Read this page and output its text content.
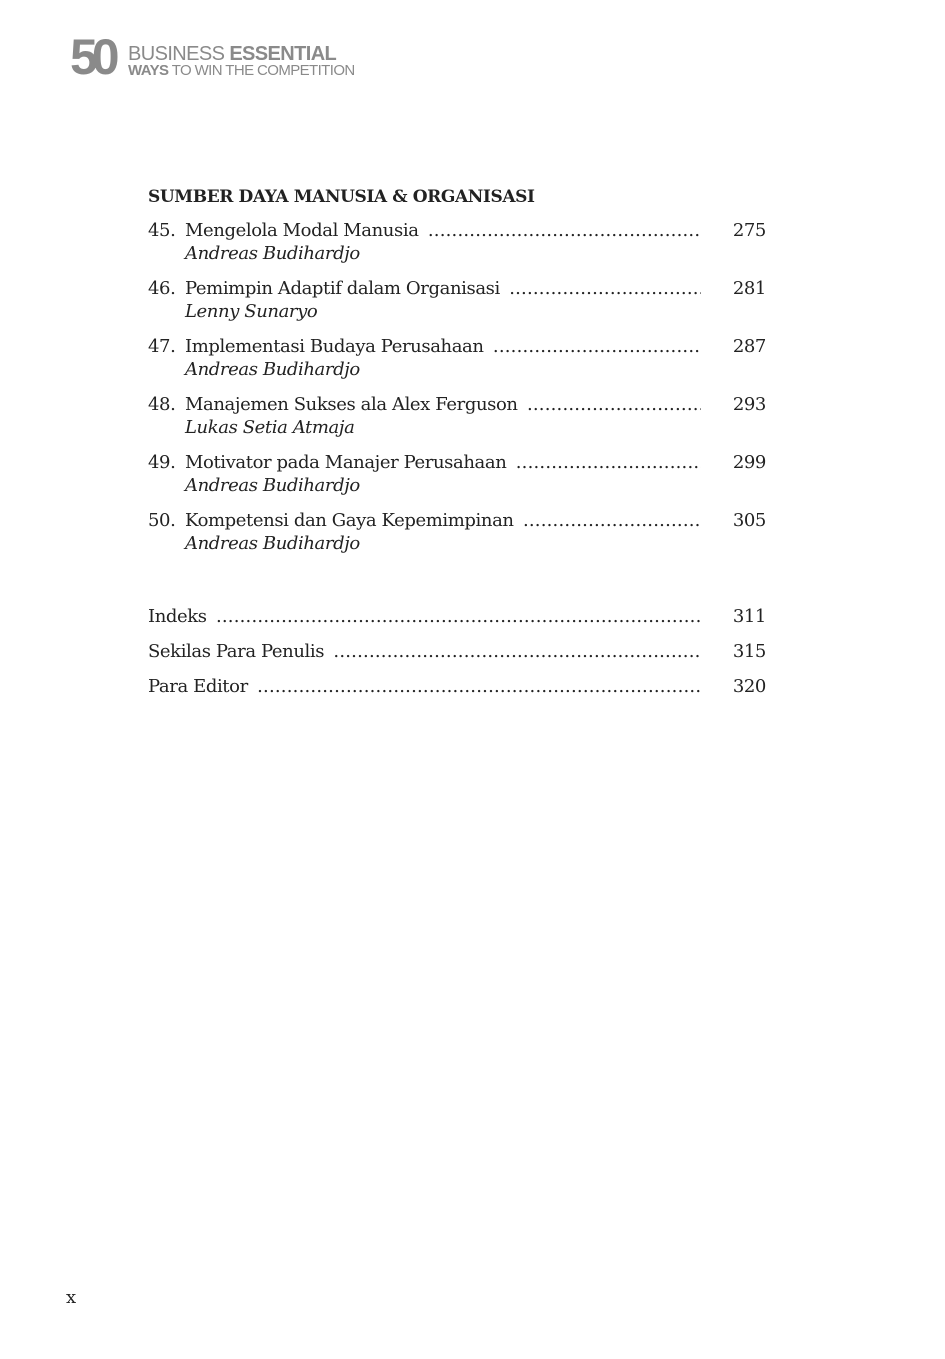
50 BUSINESS ESSENTIAL
WAYS TO WIN THE COMPETITION
SUMBER DAYA MANUSIA & ORGANISASI
45. Mengelola Modal Manusia .....	275
Andreas Budihardjo
46. Pemimpin Adaptif dalam Organisasi .....	281
Lenny Sunaryo
47. Implementasi Budaya Perusahaan .....	287
Andreas Budihardjo
48. Manajemen Sukses ala Alex Ferguson .....	293
Lukas Setia Atmaja
49. Motivator pada Manajer Perusahaan .....	299
Andreas Budihardjo
50. Kompetensi dan Gaya Kepemimpinan .....	305
Andreas Budihardjo
Indeks .....	311
Sekilas Para Penulis .....	315
Para Editor .....	320
x
